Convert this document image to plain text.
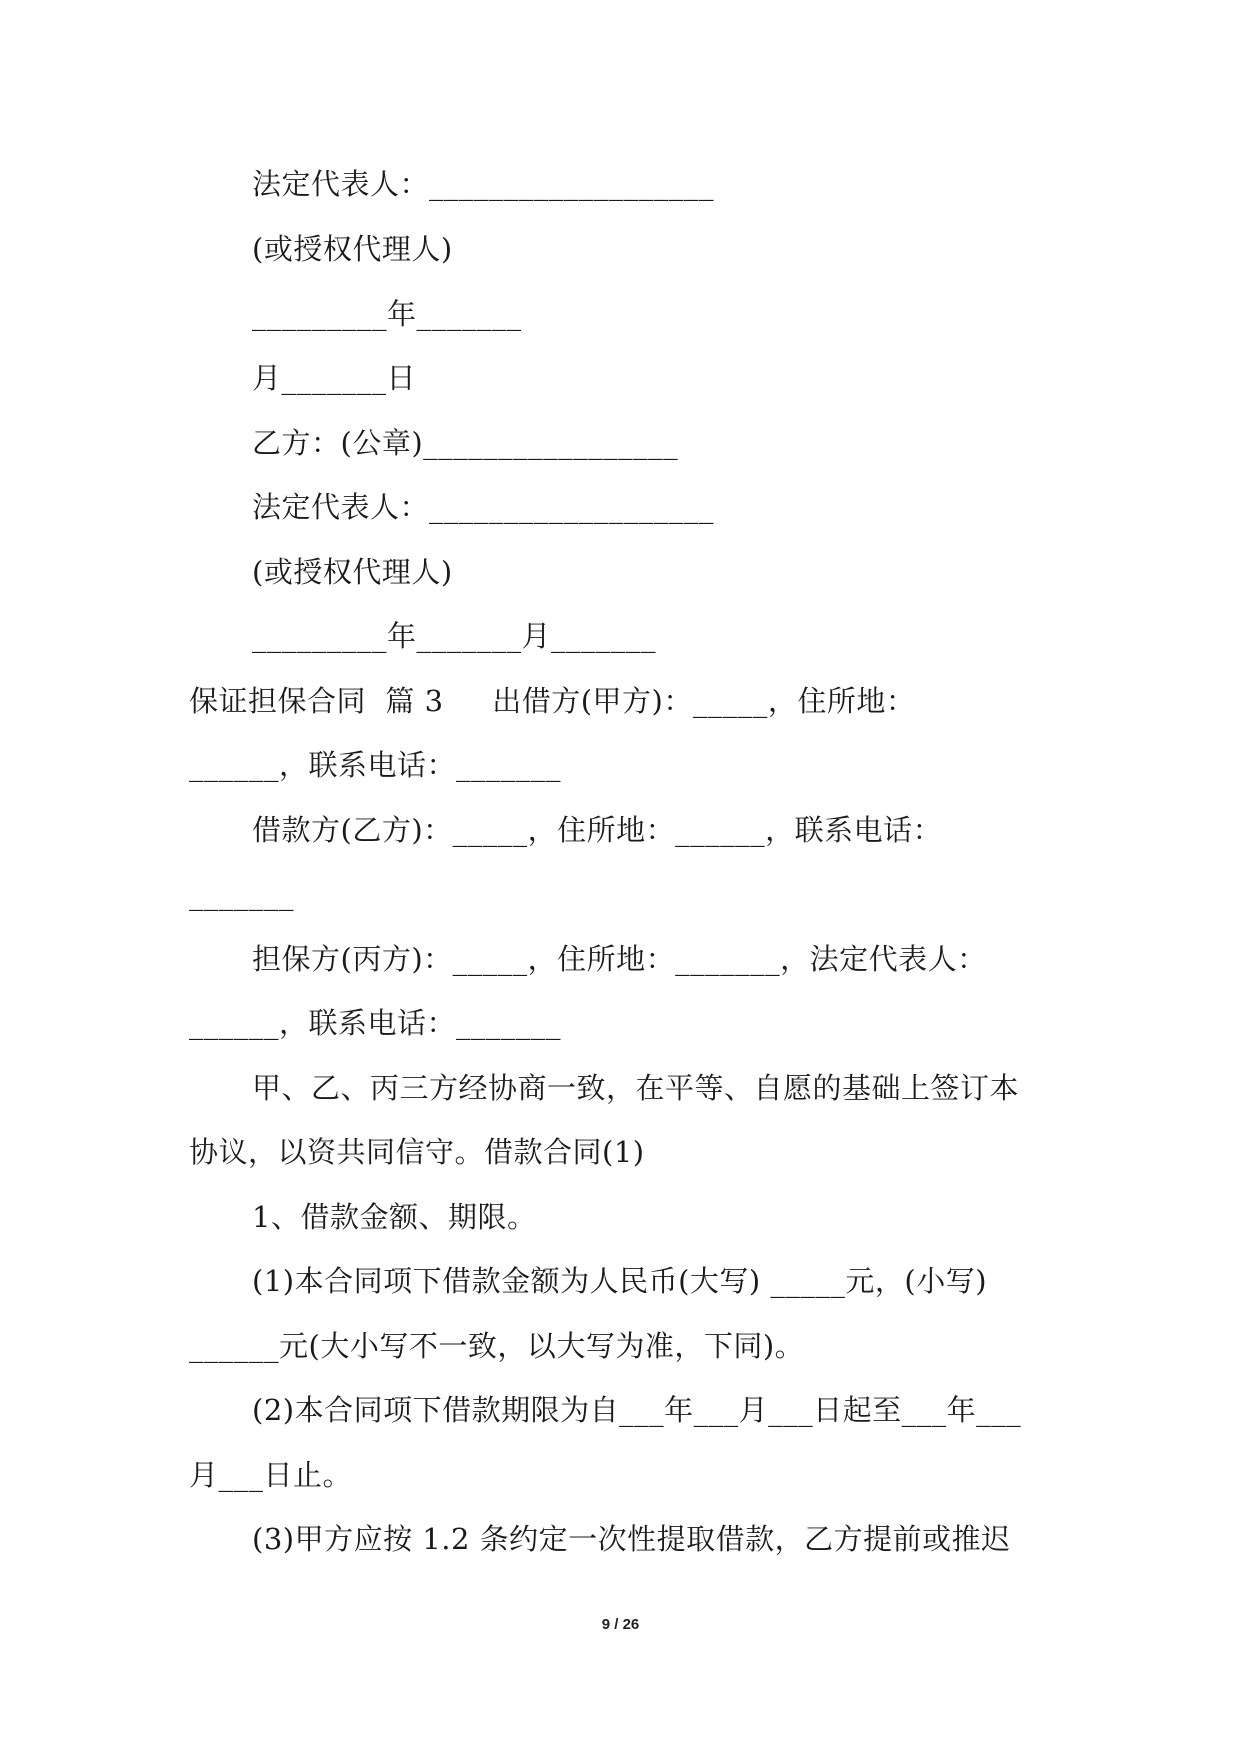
法定代表人：___________________
(或授权代理人)
_________年_______
月_______日
乙方：(公章)_________________
法定代表人：___________________
(或授权代理人)
_________年_______月_______
保证担保合同  篇 3     出借方(甲方)：_____，住所地：
______，联系电话：_______
借款方(乙方)：_____，住所地：______，联系电话：
_______
担保方(丙方)：_____，住所地：_______，法定代表人：
______，联系电话：_______
甲、乙、丙三方经协商一致，在平等、自愿的基础上签订本
协议，以资共同信守。借款合同(1)
1、借款金额、期限。
(1)本合同项下借款金额为人民币(大写) _____元，(小写)
______元(大小写不一致，以大写为准，下同)。
(2)本合同项下借款期限为自___年___月___日起至___年___
月___日止。
(3)甲方应按 1.2 条约定一次性提取借款，乙方提前或推迟
9 / 26
